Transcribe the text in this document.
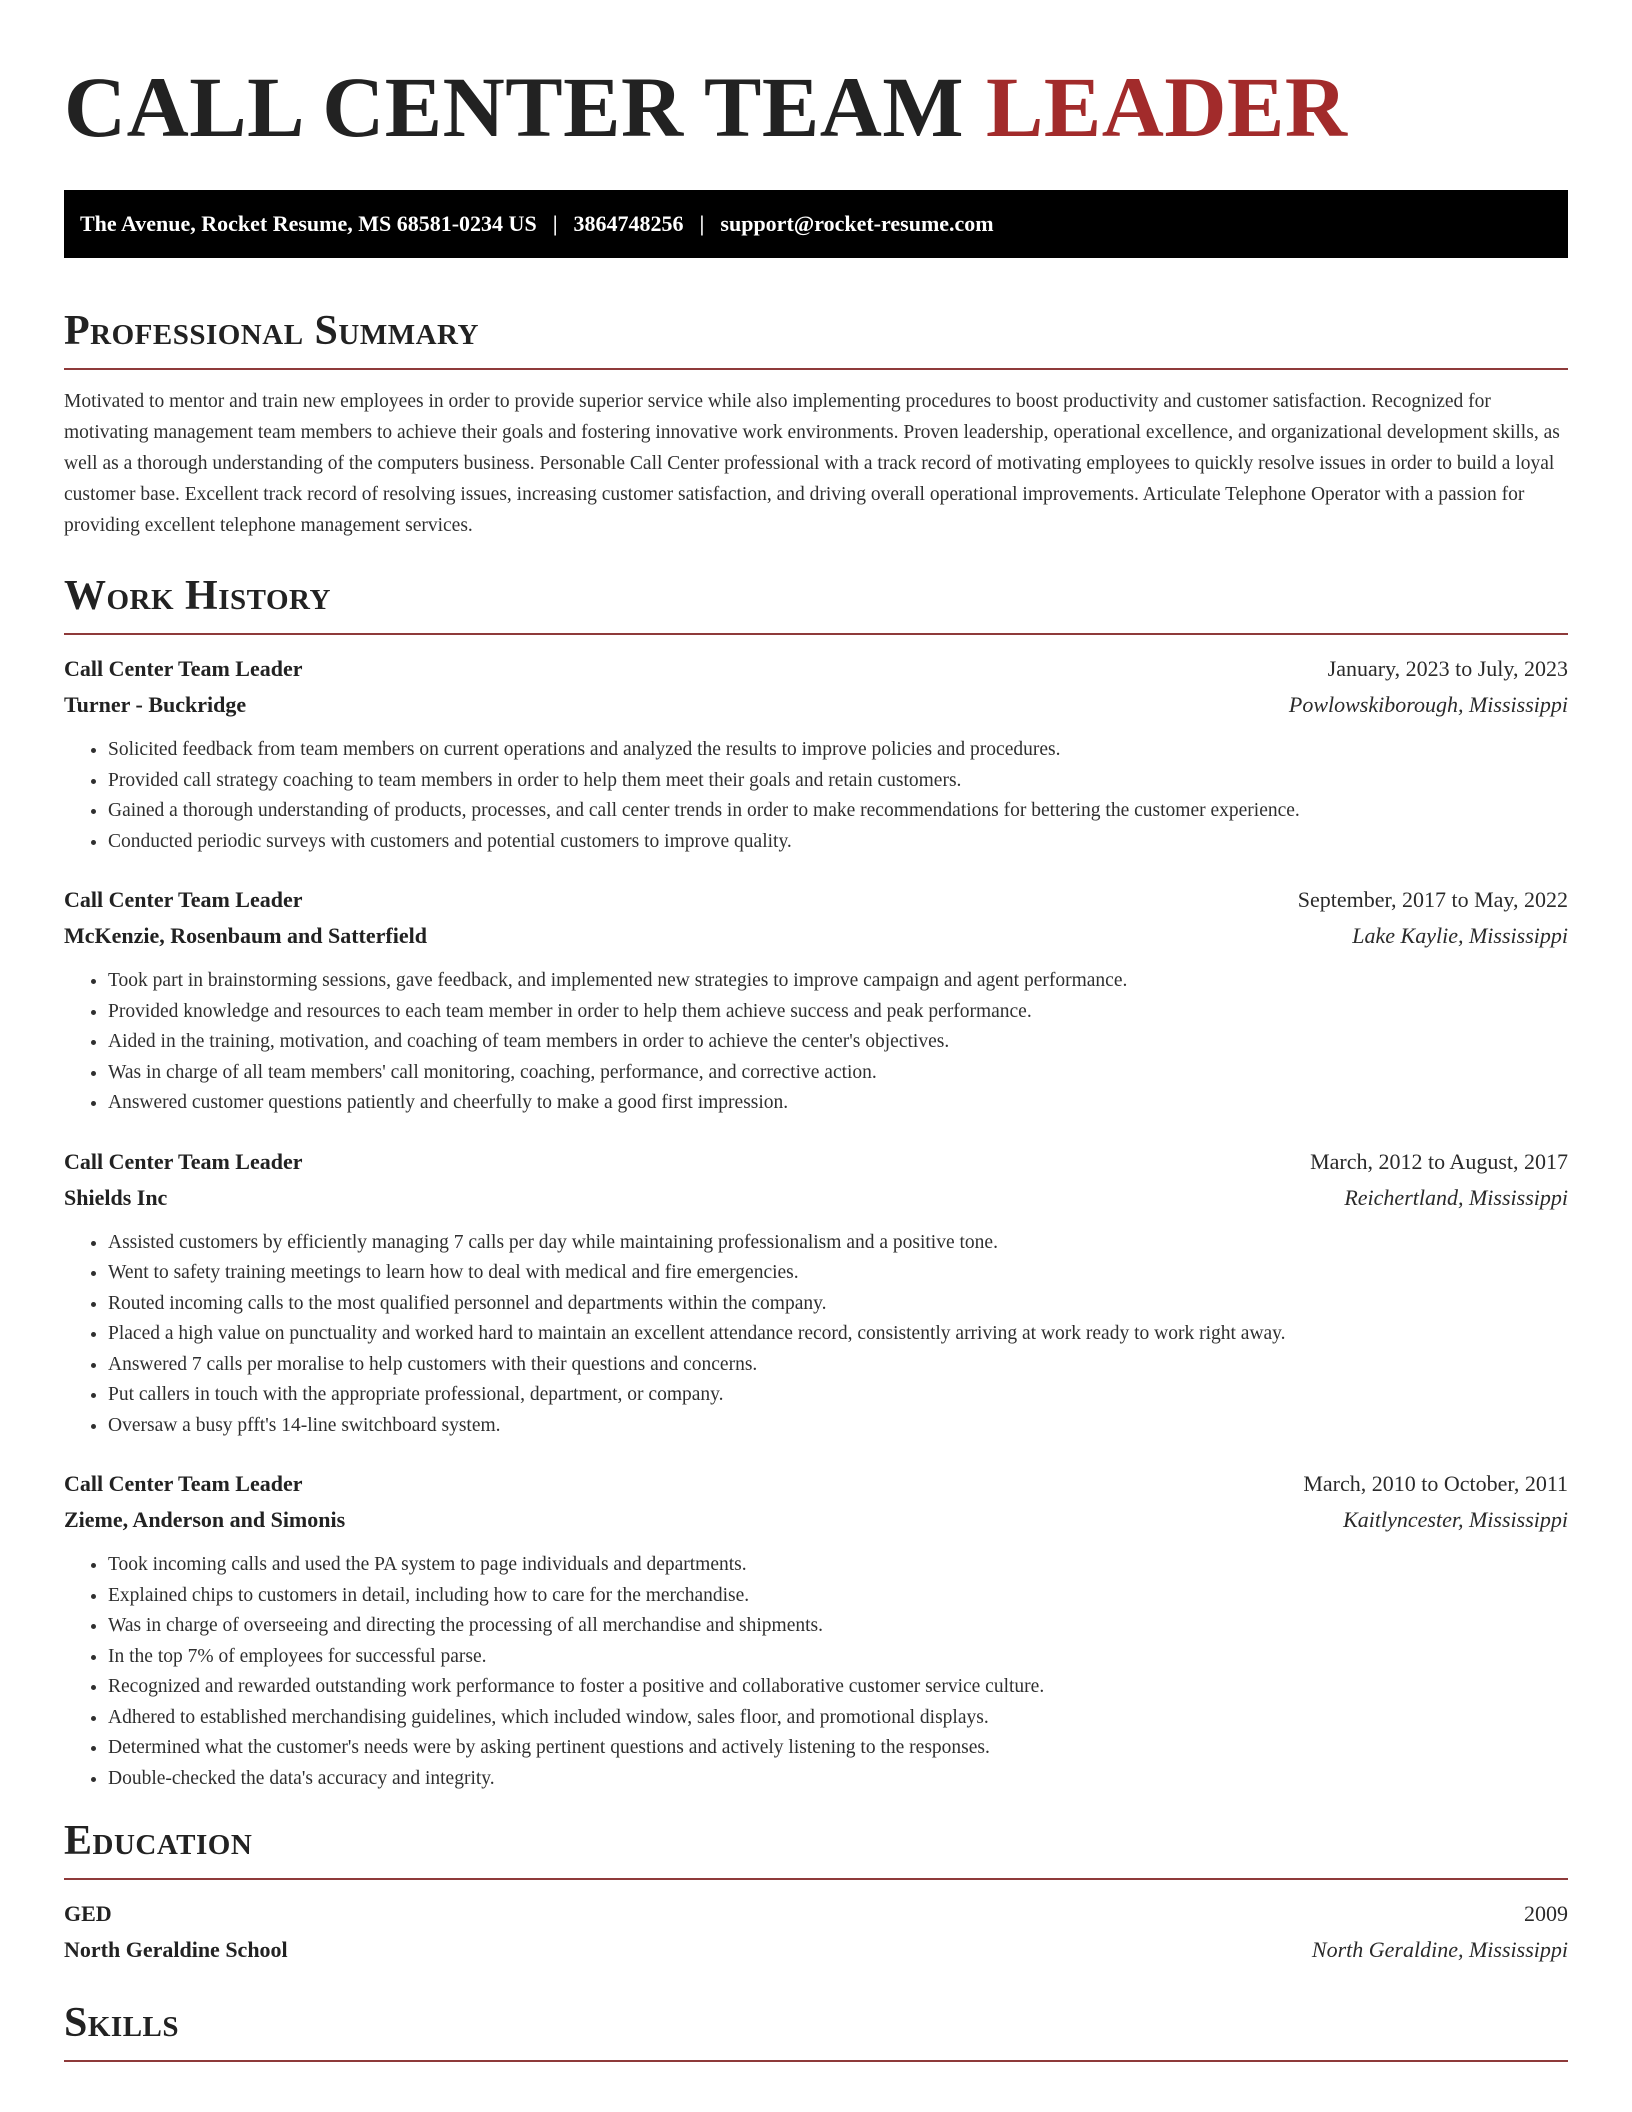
CALL CENTER TEAM LEADER
The Avenue, Rocket Resume, MS 68581-0234 US | 3864748256 | support@rocket-resume.com
Professional Summary

Motivated to mentor and train new employees in order to provide superior service while also implementing procedures to boost productivity and customer satisfaction. Recognized for motivating management team members to achieve their goals and fostering innovative work environments. Proven leadership, operational excellence, and organizational development skills, as well as a thorough understanding of the computers business. Personable Call Center professional with a track record of motivating employees to quickly resolve issues in order to build a loyal customer base. Excellent track record of resolving issues, increasing customer satisfaction, and driving overall operational improvements. Articulate Telephone Operator with a passion for providing excellent telephone management services.

Work History
Call Center Team Leader	January, 2023 to July, 2023
Turner - Buckridge	Powlowskiborough, Mississippi
• Solicited feedback from team members on current operations and analyzed the results to improve policies and procedures.
• Provided call strategy coaching to team members in order to help them meet their goals and retain customers.
• Gained a thorough understanding of products, processes, and call center trends in order to make recommendations for bettering the customer experience.
• Conducted periodic surveys with customers and potential customers to improve quality.
Call Center Team Leader	September, 2017 to May, 2022
McKenzie, Rosenbaum and Satterfield	Lake Kaylie, Mississippi
• Took part in brainstorming sessions, gave feedback, and implemented new strategies to improve campaign and agent performance.
• Provided knowledge and resources to each team member in order to help them achieve success and peak performance.
• Aided in the training, motivation, and coaching of team members in order to achieve the center's objectives.
• Was in charge of all team members' call monitoring, coaching, performance, and corrective action.
• Answered customer questions patiently and cheerfully to make a good first impression.
Call Center Team Leader	March, 2012 to August, 2017
Shields Inc	Reichertland, Mississippi
• Assisted customers by efficiently managing 7 calls per day while maintaining professionalism and a positive tone.
• Went to safety training meetings to learn how to deal with medical and fire emergencies.
• Routed incoming calls to the most qualified personnel and departments within the company.
• Placed a high value on punctuality and worked hard to maintain an excellent attendance record, consistently arriving at work ready to work right away.
• Answered 7 calls per moralise to help customers with their questions and concerns.
• Put callers in touch with the appropriate professional, department, or company.
• Oversaw a busy pfft's 14-line switchboard system.
Call Center Team Leader	March, 2010 to October, 2011
Zieme, Anderson and Simonis	Kaitlyncester, Mississippi
• Took incoming calls and used the PA system to page individuals and departments.
• Explained chips to customers in detail, including how to care for the merchandise.
• Was in charge of overseeing and directing the processing of all merchandise and shipments.
• In the top 7% of employees for successful parse.
• Recognized and rewarded outstanding work performance to foster a positive and collaborative customer service culture.
• Adhered to established merchandising guidelines, which included window, sales floor, and promotional displays.
• Determined what the customer's needs were by asking pertinent questions and actively listening to the responses.
• Double-checked the data's accuracy and integrity.
Education
GED	2009
North Geraldine School	North Geraldine, Mississippi
Skills
